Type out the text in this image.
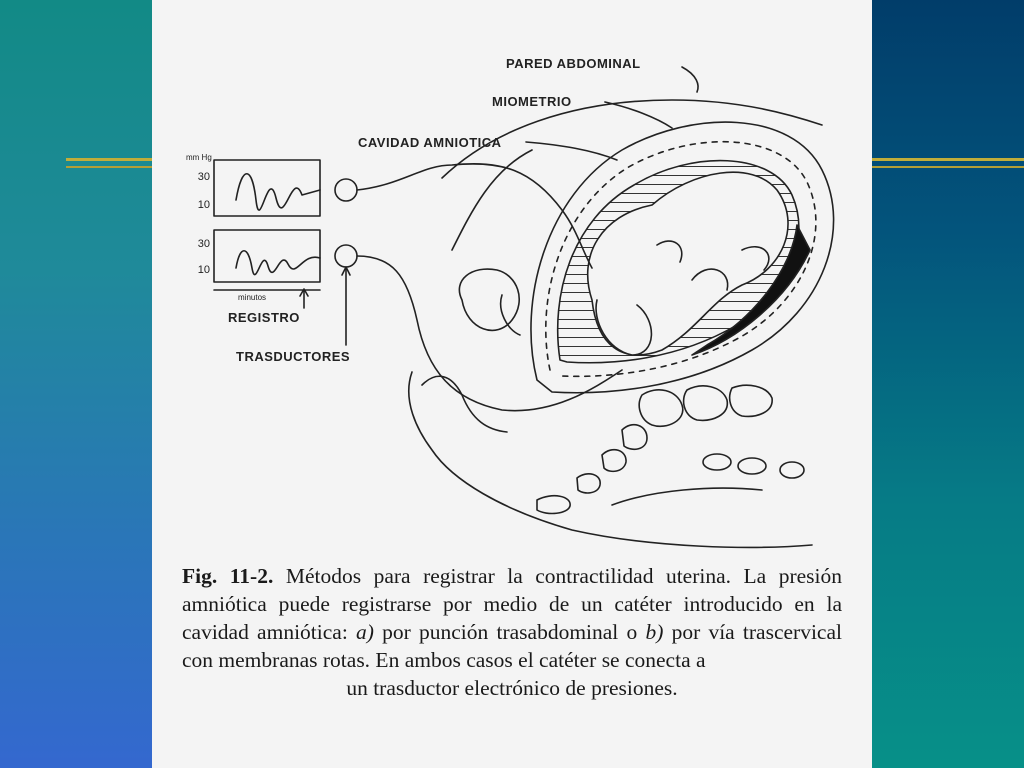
PARED ABDOMINAL
MIOMETRIO
CAVIDAD AMNIOTICA
REGISTRO
TRASDUCTORES
mm Hg
30
10
30
10
minutos
Fig. 11-2. Métodos para registrar la contractilidad uterina. La presión amniótica puede registrarse por medio de un catéter introducido en la cavidad amniótica: a) por punción trasabdominal o b) por vía trascervical con membranas rotas. En ambos casos el catéter se conecta a
un trasductor electrónico de presiones.
